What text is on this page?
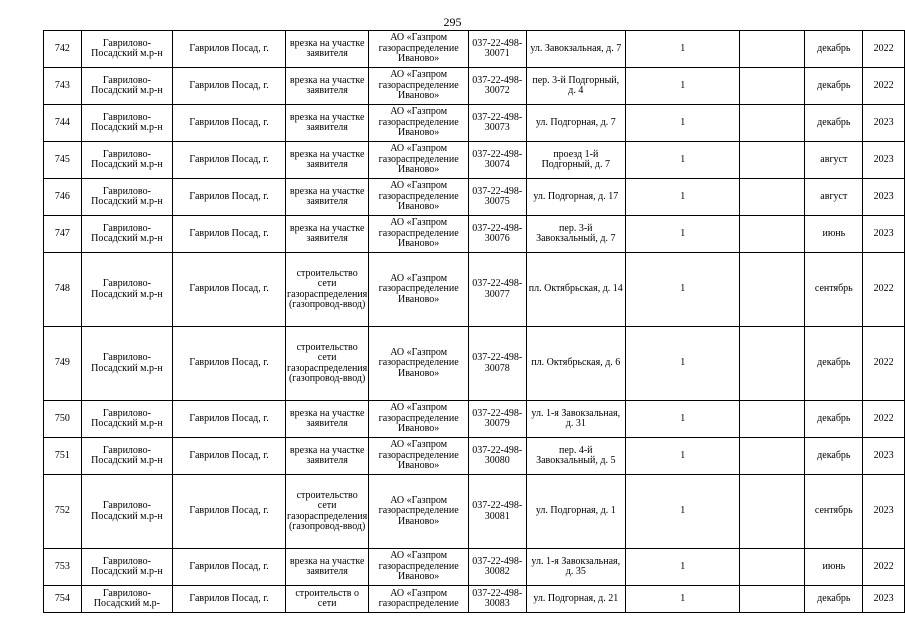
295
742	Гаврилово-Посадский м.р-н	Гаврилов Посад, г.	врезка на участке заявителя	АО «Газпром газораспределение Иваново»	037-22-498-30071	ул. Завокзальная, д. 7	1		декабрь	2022
743	Гаврилово-Посадский м.р-н	Гаврилов Посад, г.	врезка на участке заявителя	АО «Газпром газораспределение Иваново»	037-22-498-30072	пер. 3-й Подгорный, д. 4	1		декабрь	2022
744	Гаврилово-Посадский м.р-н	Гаврилов Посад, г.	врезка на участке заявителя	АО «Газпром газораспределение Иваново»	037-22-498-30073	ул. Подгорная, д. 7	1		декабрь	2023
745	Гаврилово-Посадский м.р-н	Гаврилов Посад, г.	врезка на участке заявителя	АО «Газпром газораспределение Иваново»	037-22-498-30074	проезд 1-й Подгорный, д. 7	1		август	2023
746	Гаврилово-Посадский м.р-н	Гаврилов Посад, г.	врезка на участке заявителя	АО «Газпром газораспределение Иваново»	037-22-498-30075	ул. Подгорная, д. 17	1		август	2023
747	Гаврилово-Посадский м.р-н	Гаврилов Посад, г.	врезка на участке заявителя	АО «Газпром газораспределение Иваново»	037-22-498-30076	пер. 3-й Завокзальный, д. 7	1		июнь	2023
748	Гаврилово-Посадский м.р-н	Гаврилов Посад, г.	строительство сети газораспределения (газопровод-ввод)	АО «Газпром газораспределение Иваново»	037-22-498-30077	пл. Октябрьская, д. 14	1		сентябрь	2022
749	Гаврилово-Посадский м.р-н	Гаврилов Посад, г.	строительство сети газораспределения (газопровод-ввод)	АО «Газпром газораспределение Иваново»	037-22-498-30078	пл. Октябрьская, д. 6	1		декабрь	2022
750	Гаврилово-Посадский м.р-н	Гаврилов Посад, г.	врезка на участке заявителя	АО «Газпром газораспределение Иваново»	037-22-498-30079	ул. 1-я Завокзальная, д. 31	1		декабрь	2022
751	Гаврилово-Посадский м.р-н	Гаврилов Посад, г.	врезка на участке заявителя	АО «Газпром газораспределение Иваново»	037-22-498-30080	пер. 4-й Завокзальный, д. 5	1		декабрь	2023
752	Гаврилово-Посадский м.р-н	Гаврилов Посад, г.	строительство сети газораспределения (газопровод-ввод)	АО «Газпром газораспределение Иваново»	037-22-498-30081	ул. Подгорная, д. 1	1		сентябрь	2023
753	Гаврилово-Посадский м.р-н	Гаврилов Посад, г.	врезка на участке заявителя	АО «Газпром газораспределение Иваново»	037-22-498-30082	ул. 1-я Завокзальная, д. 35	1		июнь	2022
754	Гаврилово-Посадский м.р-	Гаврилов Посад, г.	строительств о сети	АО «Газпром газораспределение	037-22-498-30083	ул. Подгорная, д. 21	1		декабрь	2023
